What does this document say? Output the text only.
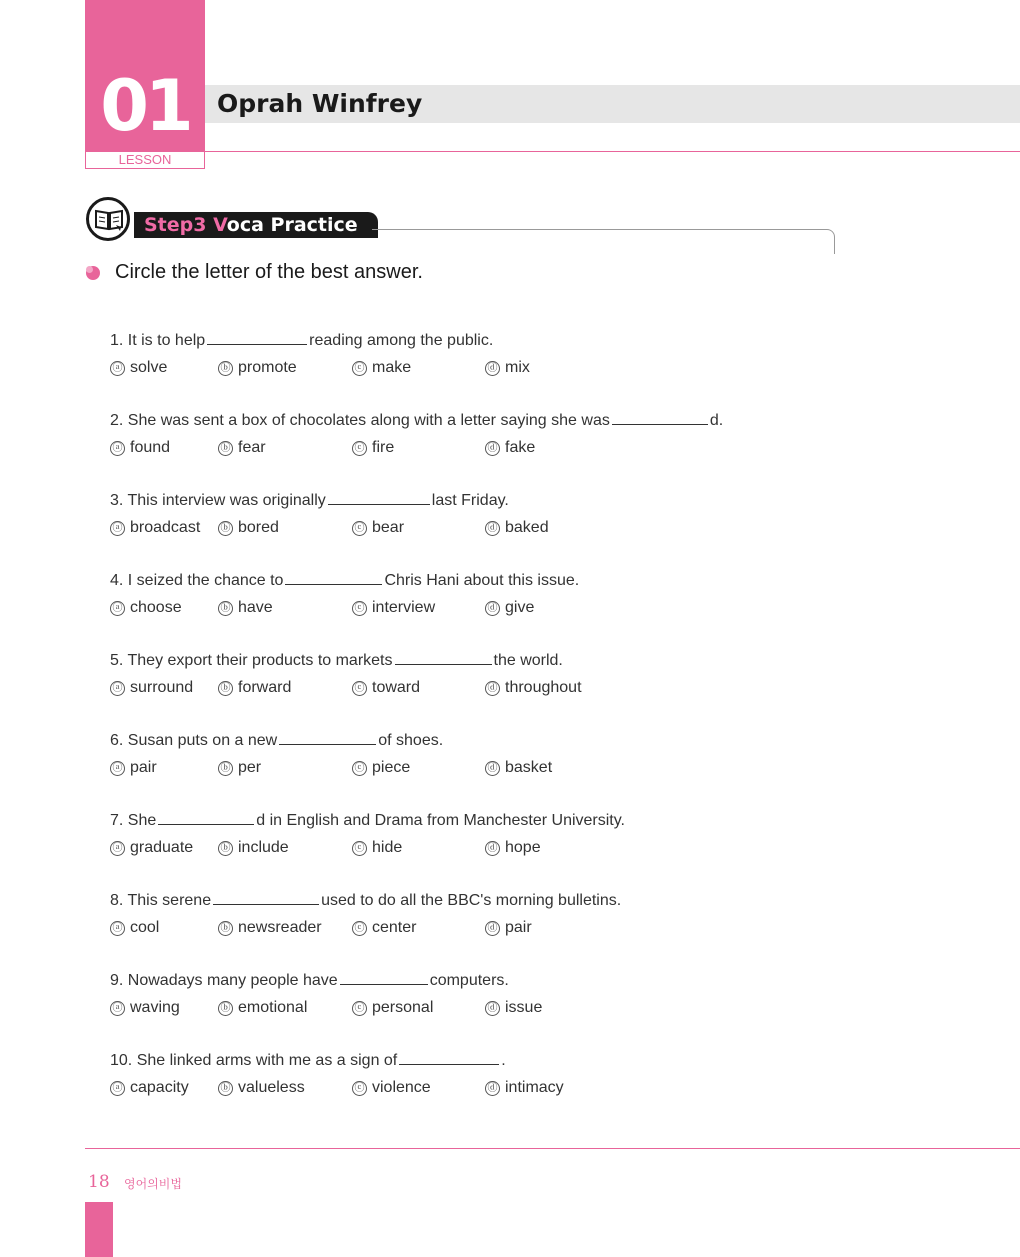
01
LESSON
Oprah Winfrey
Step3 Voca Practice
Circle the letter of the best answer.
1. It is to help	reading among the public.
ⓐ solve	ⓑ promote	ⓒ make	ⓓ mix
2. She was sent a box of chocolates along with a letter saying she was	d.
ⓐ found	ⓑ fear	ⓒ fire	ⓓ fake
3. This interview was originally	last Friday.
ⓐ broadcast ⓑ bored	ⓒ bear	ⓓ baked
4. I seized the chance to	Chris Hani about this issue.
ⓐ choose	ⓑ have	ⓒ interview	ⓓ give
5. They export their products to markets	the world.
ⓐ surround	ⓑ forward	ⓒ toward	ⓓ throughout
6. Susan puts on a new	of shoes.
ⓐ pair	ⓑ per	ⓒ piece	ⓓ basket
7. She	d in English and Drama from Manchester University.
ⓐ graduate	ⓑ include	ⓒ hide	ⓓ hope
8. This serene	used to do all the BBC's morning bulletins.
ⓐ cool	ⓑ newsreader	ⓒ center	ⓓ pair
9. Nowadays many people have	computers.
ⓐ waving	ⓑ emotional	ⓒ personal	ⓓ issue
10. She linked arms with me as a sign of	.
ⓐ capacity	ⓑ valueless	ⓒ violence	ⓓ intimacy
18 영어의비법
